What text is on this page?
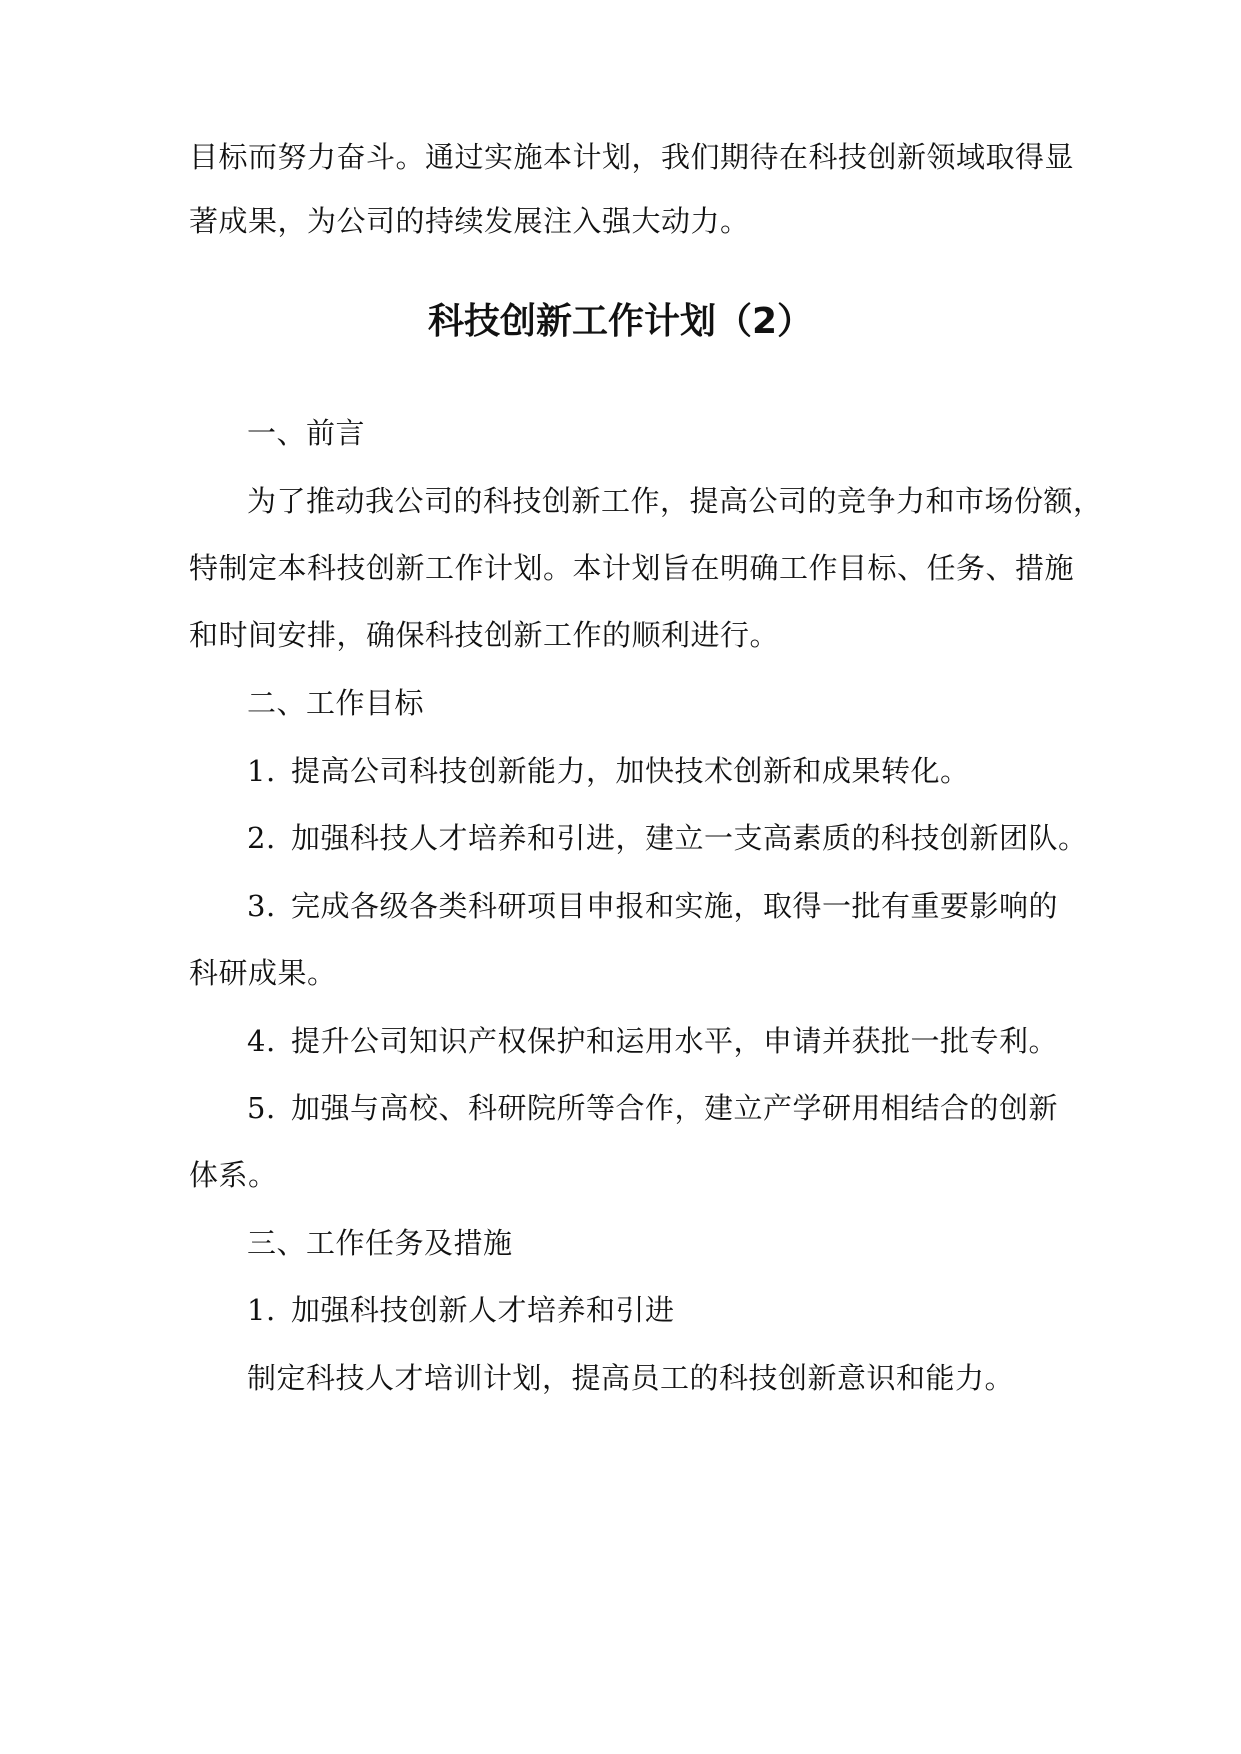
目标而努力奋斗。通过实施本计划，我们期待在科技创新领域取得显
著成果，为公司的持续发展注入强大动力。
科技创新工作计划（2）
一、前言
为了推动我公司的科技创新工作，提高公司的竞争力和市场份额，
特制定本科技创新工作计划。本计划旨在明确工作目标、任务、措施
和时间安排，确保科技创新工作的顺利进行。
二、工作目标
1. 提高公司科技创新能力，加快技术创新和成果转化。
2. 加强科技人才培养和引进，建立一支高素质的科技创新团队。
3. 完成各级各类科研项目申报和实施，取得一批有重要影响的
科研成果。
4. 提升公司知识产权保护和运用水平，申请并获批一批专利。
5. 加强与高校、科研院所等合作，建立产学研用相结合的创新
体系。
三、工作任务及措施
1. 加强科技创新人才培养和引进
制定科技人才培训计划，提高员工的科技创新意识和能力。
